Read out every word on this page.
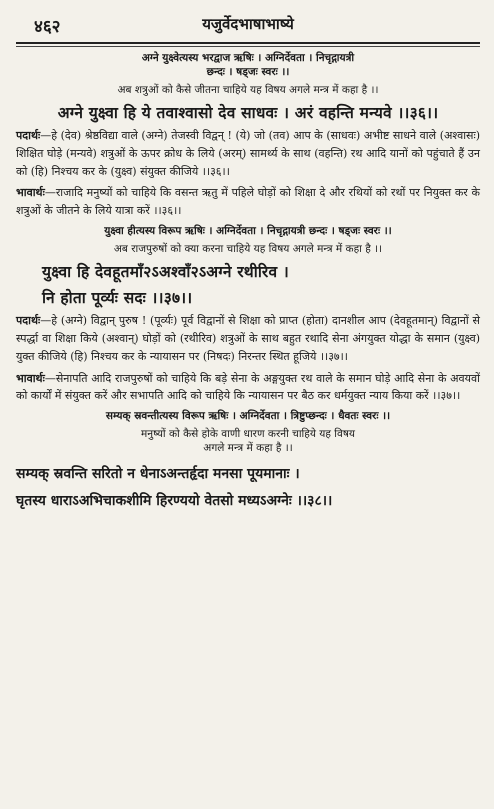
४६२	यजुर्वेदभाषाभाष्ये
अग्ने युक्ष्वेत्यस्य भरद्वाज ऋषिः । अग्निर्देवता । निचृद्गायत्री
छन्दः । षड्जः स्वरः ।।
अब शत्रुओं को कैसे जीतना चाहिये यह विषय अगले मन्त्र में कहा है ।।
अग्ने युक्ष्वा हि ये तवाश्वासो देव साधवः । अरं वहन्ति मन्यवे ।।३६।।
पदार्थः—हे (देव) श्रेष्ठविद्या वाले (अग्ने) तेजस्वी विद्वन् ! (ये) जो (तव) आप के (साधवः) अभीष्ट साधने वाले (अश्वासः) शिक्षित घोड़े (मन्यवे) शत्रुओं के ऊपर क्रोध के लिये (अरम्) सामर्थ्य के साथ (वहन्ति) रथ आदि यानों को पहुंचाते हैं उन को (हि) निश्चय कर के (युक्ष्व) संयुक्त कीजिये ।।३६।।
भावार्थः—राजादि मनुष्यों को चाहिये कि वसन्त ऋतु में पहिले घोड़ों को शिक्षा दे और रथियों को रथों पर नियुक्त कर के शत्रुओं के जीतने के लिये यात्रा करें ।।३६।।
युक्ष्वा हीत्यस्य विरूप ऋषिः । अग्निर्देवता । निचृद्गायत्री छन्दः । षड्जः स्वरः ।।
अब राजपुरुषों को क्या करना चाहिये यह विषय अगले मन्त्र में कहा है ।।
युक्ष्वा हि देवहूतमाँ२ऽअश्वाँ२ऽअग्ने रथीरिव ।
नि होता पूर्व्यः सदः ।।३७।।
पदार्थः—हे (अग्ने) विद्वान् पुरुष ! (पूर्व्यः) पूर्व विद्वानों से शिक्षा को प्राप्त (होता) दानशील आप (देवहूतमान्) विद्वानों से स्पर्द्धा वा शिक्षा किये (अश्वान्) घोड़ों को (रथीरिव) शत्रुओं के साथ बहुत रथादि सेना अंगयुक्त योद्धा के समान (युक्ष्व) युक्त कीजिये (हि) निश्चय कर के न्यायासन पर (निषदः) निरन्तर स्थित हूजिये ।।३७।।
भावार्थः—सेनापति आदि राजपुरुषों को चाहिये कि बड़े सेना के अङ्गयुक्त रथ वाले के समान घोड़े आदि सेना के अवयवों को कार्यों में संयुक्त करें और सभापति आदि को चाहिये कि न्यायासन पर बैठ कर धर्मयुक्त न्याय किया करें ।।३७।।
सम्यक् स्रवन्तीत्यस्य विरूप ऋषिः । अग्निर्देवता । त्रिष्टुप्छन्दः । धैवतः स्वरः ।।
मनुष्यों को कैसे होके वाणी धारण करनी चाहिये यह विषय
अगले मन्त्र में कहा है ।।
सम्यक् स्रवन्ति सरितो न धेनाऽअन्तर्हृदा मनसा पूयमानाः ।
घृतस्य धाराऽअभिचाकशीमि हिरण्ययो वेतसो मध्यऽअग्नेः ।।३८।।
